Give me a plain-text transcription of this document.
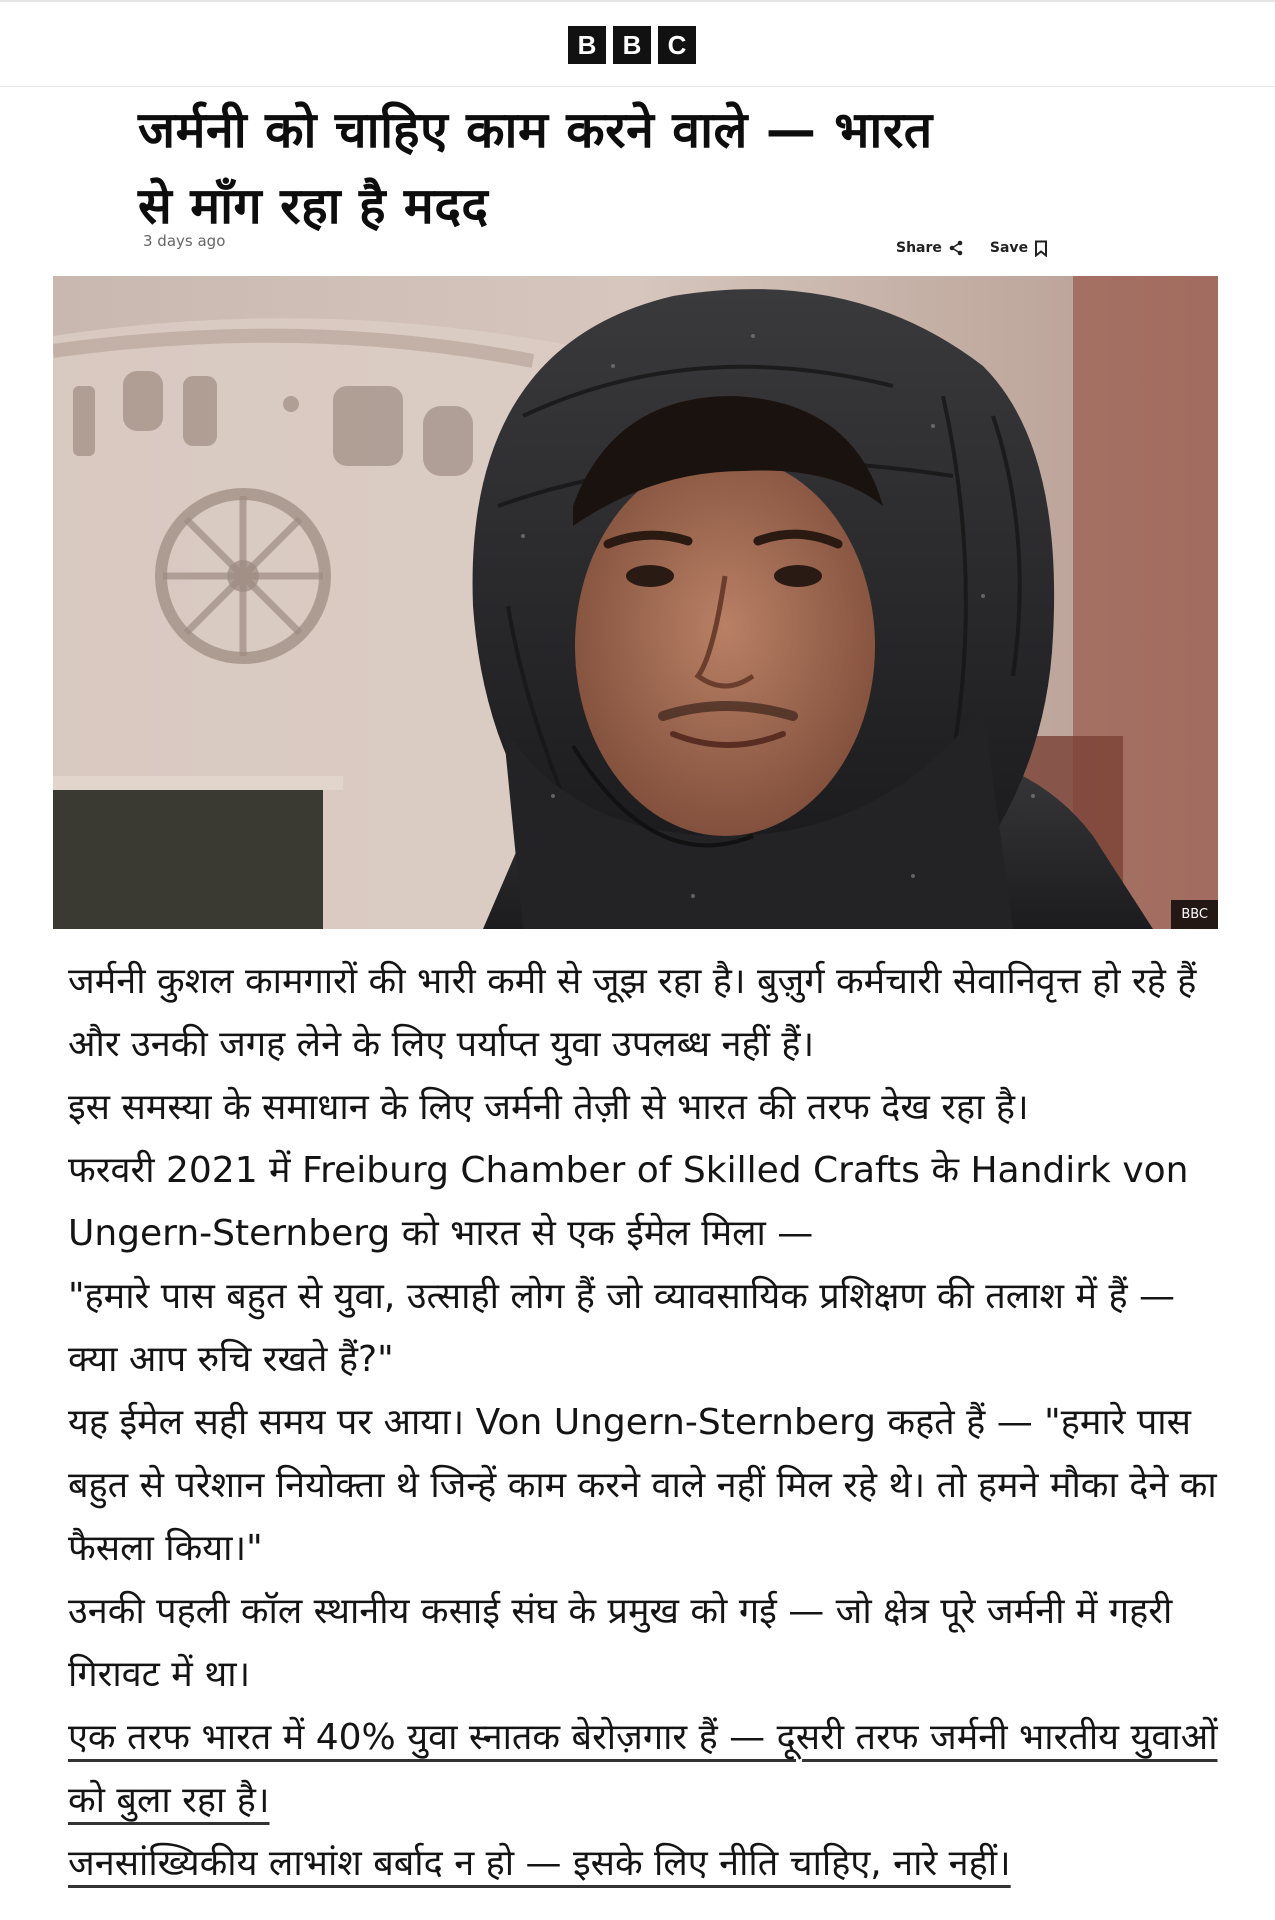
B	B	C
जर्मनी को चाहिए काम करने वाले — भारत
से माँग रहा है मदद
3 days ago	Share	Save
BBC

जर्मनी कुशल कामगारों की भारी कमी से जूझ रहा है। बुज़ुर्ग कर्मचारी सेवानिवृत्त हो रहे हैं और उनकी जगह लेने के लिए पर्याप्त युवा उपलब्ध नहीं हैं।

इस समस्या के समाधान के लिए जर्मनी तेज़ी से भारत की तरफ देख रहा है।

फरवरी 2021 में Freiburg Chamber of Skilled Crafts के Handirk von Ungern-Sternberg को भारत से एक ईमेल मिला —

"हमारे पास बहुत से युवा, उत्साही लोग हैं जो व्यावसायिक प्रशिक्षण की तलाश में हैं — क्या आप रुचि रखते हैं?"

यह ईमेल सही समय पर आया। Von Ungern-Sternberg कहते हैं — "हमारे पास बहुत से परेशान नियोक्ता थे जिन्हें काम करने वाले नहीं मिल रहे थे। तो हमने मौका देने का फैसला किया।"

उनकी पहली कॉल स्थानीय कसाई संघ के प्रमुख को गई — जो क्षेत्र पूरे जर्मनी में गहरी गिरावट में था।

एक तरफ भारत में 40% युवा स्नातक बेरोज़गार हैं — दूसरी तरफ जर्मनी भारतीय युवाओं को बुला रहा है।

जनसांख्यिकीय लाभांश बर्बाद न हो — इसके लिए नीति चाहिए, नारे नहीं।
